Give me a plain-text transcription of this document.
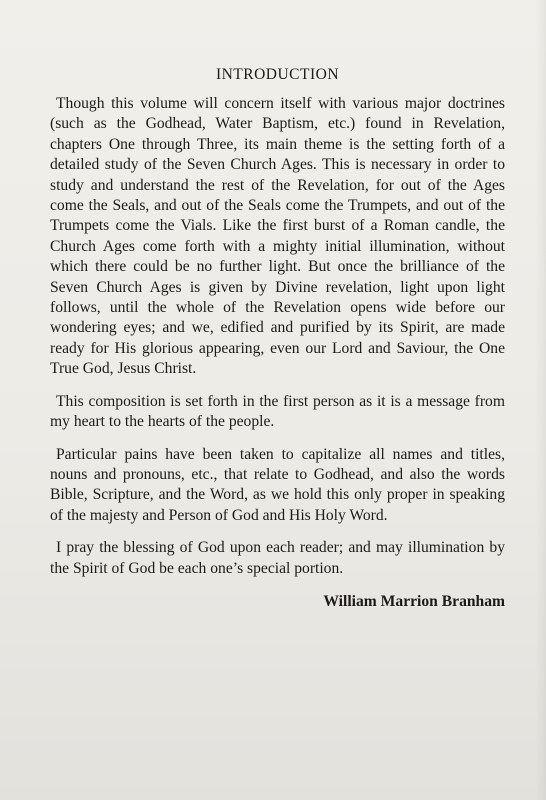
INTRODUCTION

Though this volume will concern itself with various major doctrines (such as the Godhead, Water Baptism, etc.) found in Revelation, chapters One through Three, its main theme is the setting forth of a detailed study of the Seven Church Ages. This is necessary in order to study and understand the rest of the Revelation, for out of the Ages come the Seals, and out of the Seals come the Trumpets, and out of the Trumpets come the Vials. Like the first burst of a Roman candle, the Church Ages come forth with a mighty initial illumination, without which there could be no further light. But once the brilliance of the Seven Church Ages is given by Divine revelation, light upon light follows, until the whole of the Revelation opens wide before our wondering eyes; and we, edified and purified by its Spirit, are made ready for His glorious appearing, even our Lord and Saviour, the One True God, Jesus Christ.

This composition is set forth in the first person as it is a message from my heart to the hearts of the people.

Particular pains have been taken to capitalize all names and titles, nouns and pronouns, etc., that relate to Godhead, and also the words Bible, Scripture, and the Word, as we hold this only proper in speaking of the majesty and Person of God and His Holy Word.

I pray the blessing of God upon each reader; and may illumination by the Spirit of God be each one’s special portion.

William Marrion Branham
